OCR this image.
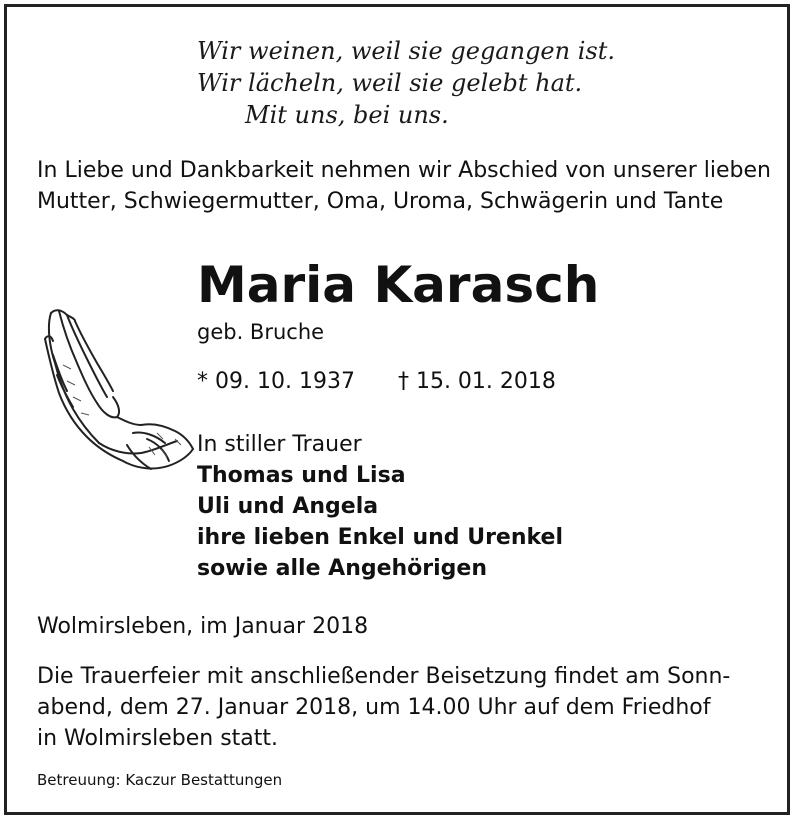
Wir weinen, weil sie gegangen ist.
Wir lächeln, weil sie gelebt hat.
Mit uns, bei uns.
In Liebe und Dankbarkeit nehmen wir Abschied von unserer lieben Mutter, Schwiegermutter, Oma, Uroma, Schwägerin und Tante
Maria Karasch
geb. Bruche
* 09. 10. 1937 † 15. 01. 2018
In stiller Trauer
Thomas und Lisa
Uli und Angela
ihre lieben Enkel und Urenkel
sowie alle Angehörigen
Wolmirsleben, im Januar 2018
Die Trauerfeier mit anschließender Beisetzung findet am Sonn-
abend, dem 27. Januar 2018, um 14.00 Uhr auf dem Friedhof
in Wolmirsleben statt.
Betreuung: Kaczur Bestattungen
